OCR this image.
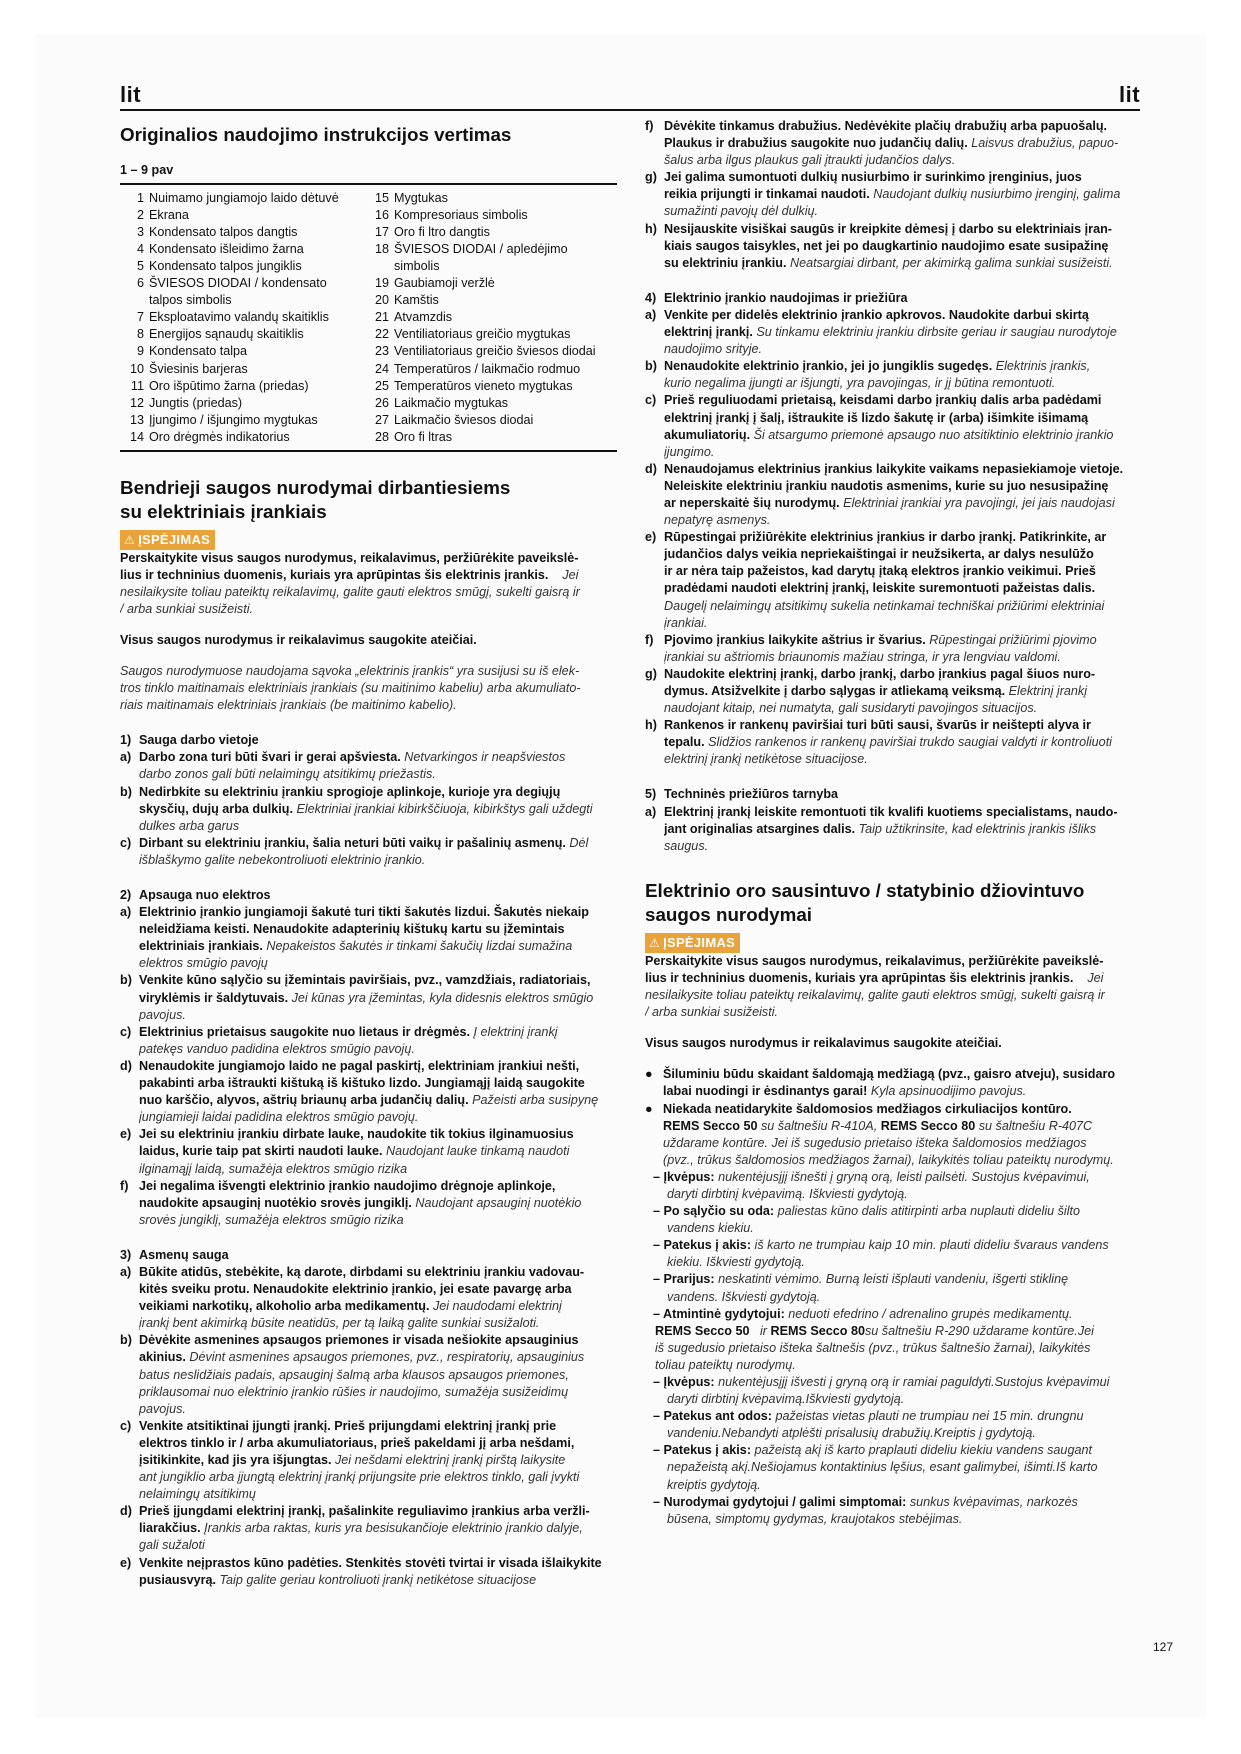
lit	lit
Originalios naudojimo instrukcijos vertimas
1 – 9 pav
1 Nuimamo jungiamojo laido dėtuvė
2 Ekrana
3 Kondensato talpos dangtis
4 Kondensato išleidimo žarna
5 Kondensato talpos jungiklis
6 ŠVIESOS DIODAI / kondensato
talpos simbolis
7 Eksploatavimo valandų skaitiklis
8 Energijos sąnaudų skaitiklis
9 Kondensato talpa
10 Šviesinis barjeras
11 Oro išpūtimo žarna (priedas)
12 Jungtis (priedas)
13 Įjungimo / išjungimo mygtukas
14 Oro drėgmės indikatorius
15 Mygtukas
16 Kompresoriaus simbolis
17 Oro fi ltro dangtis
18 ŠVIESOS DIODAI / apledėjimo
simbolis
19 Gaubiamoji veržlė
20 Kamštis
21 Atvamzdis
22 Ventiliatoriaus greičio mygtukas
23 Ventiliatoriaus greičio šviesos diodai
24 Temperatūros / laikmačio rodmuo
25 Temperatūros vieneto mygtukas
26 Laikmačio mygtukas
27 Laikmačio šviesos diodai
28 Oro fi ltras
Bendrieji saugos nurodymai dirbantiesiems
su elektriniais įrankiais
⚠ ĮSPĖJIMAS
Perskaitykite visus saugos nurodymus, reikalavimus, peržiūrėkite paveikslė-
lius ir techninius duomenis, kuriais yra aprūpintas šis elektrinis įrankis. Jei
nesilaikysite toliau pateiktų reikalavimų, galite gauti elektros smūgį, sukelti gaisrą ir
/ arba sunkiai susižeisti.
Visus saugos nurodymus ir reikalavimus saugokite ateičiai.
Saugos nurodymuose naudojama sąvoka „elektrinis įrankis“ yra susijusi su iš elek-
tros tinklo maitinamais elektriniais įrankiais (su maitinimo kabeliu) arba akumuliato-
riais maitinamais elektriniais įrankiais (be maitinimo kabelio).
1) Sauga darbo vietoje
a) Darbo zona turi būti švari ir gerai apšviesta. Netvarkingos ir neapšviestos
darbo zonos gali būti nelaimingų atsitikimų priežastis.
b) Nedirbkite su elektriniu įrankiu sprogioje aplinkoje, kurioje yra degiųjų
skysčių, dujų arba dulkių. Elektriniai įrankiai kibirkščiuoja, kibirkštys gali uždegti
dulkes arba garus
c) Dirbant su elektriniu įrankiu, šalia neturi būti vaikų ir pašalinių asmenų. Dėl
išblaškymo galite nebekontroliuoti elektrinio įrankio.
2) Apsauga nuo elektros
a) Elektrinio įrankio jungiamoji šakutė turi tikti šakutės lizdui. Šakutės niekaip
neleidžiama keisti. Nenaudokite adapterinių kištukų kartu su įžemintais
elektriniais įrankiais. Nepakeistos šakutės ir tinkami šakučių lizdai sumažina
elektros smūgio pavojų
b) Venkite kūno sąlyčio su įžemintais paviršiais, pvz., vamzdžiais, radiatoriais,
viryklėmis ir šaldytuvais. Jei kūnas yra įžemintas, kyla didesnis elektros smūgio
pavojus.
c) Elektrinius prietaisus saugokite nuo lietaus ir drėgmės. Į elektrinį įrankį
patekęs vanduo padidina elektros smūgio pavojų.
d) Nenaudokite jungiamojo laido ne pagal paskirtį, elektriniam įrankiui nešti,
pakabinti arba ištraukti kištuką iš kištuko lizdo. Jungiamąjį laidą saugokite
nuo karščio, alyvos, aštrių briaunų arba judančių dalių. Pažeisti arba susipynę
jungiamieji laidai padidina elektros smūgio pavojų.
e) Jei su elektriniu įrankiu dirbate lauke, naudokite tik tokius ilginamuosius
laidus, kurie taip pat skirti naudoti lauke. Naudojant lauke tinkamą naudoti
ilginamąjį laidą, sumažėja elektros smūgio rizika
f) Jei negalima išvengti elektrinio įrankio naudojimo drėgnoje aplinkoje,
naudokite apsauginį nuotėkio srovės jungiklį. Naudojant apsauginį nuotėkio
srovės jungiklį, sumažėja elektros smūgio rizika
3) Asmenų sauga
a) Būkite atidūs, stebėkite, ką darote, dirbdami su elektriniu įrankiu vadovau-
kitės sveiku protu. Nenaudokite elektrinio įrankio, jei esate pavargę arba
veikiami narkotikų, alkoholio arba medikamentų. Jei naudodami elektrinį
įrankį bent akimirką būsite neatidūs, per tą laiką galite sunkiai susižaloti.
b) Dėvėkite asmenines apsaugos priemones ir visada nešiokite apsauginius
akinius. Dėvint asmenines apsaugos priemones, pvz., respiratorių, apsauginius
batus neslidžiais padais, apsauginį šalmą arba klausos apsaugos priemones,
priklausomai nuo elektrinio įrankio rūšies ir naudojimo, sumažėja susižeidimų
pavojus.
c) Venkite atsitiktinai įjungti įrankį. Prieš prijungdami elektrinį įrankį prie
elektros tinklo ir / arba akumuliatoriaus, prieš pakeldami jį arba nešdami,
įsitikinkite, kad jis yra išjungtas. Jei nešdami elektrinį įrankį pirštą laikysite
ant jungiklio arba įjungtą elektrinį įrankį prijungsite prie elektros tinklo, gali įvykti
nelaimingų atsitikimų
d) Prieš įjungdami elektrinį įrankį, pašalinkite reguliavimo įrankius arba veržli-
liarakčius. Įrankis arba raktas, kuris yra besisukančioje elektrinio įrankio dalyje,
gali sužaloti
e) Venkite neįprastos kūno padėties. Stenkitės stovėti tvirtai ir visada išlaikykite
pusiausvyrą. Taip galite geriau kontroliuoti įrankį netikėtose situacijose
f) Dėvėkite tinkamus drabužius. Nedėvėkite plačių drabužių arba papuošalų.
Plaukus ir drabužius saugokite nuo judančių dalių. Laisvus drabužius, papuo-
šalus arba ilgus plaukus gali įtraukti judančios dalys.
g) Jei galima sumontuoti dulkių nusiurbimo ir surinkimo įrenginius, juos
reikia prijungti ir tinkamai naudoti. Naudojant dulkių nusiurbimo įrenginį, galima
sumažinti pavojų dėl dulkių.
h) Nesijauskite visiškai saugūs ir kreipkite dėmesį į darbo su elektriniais įran-
kiais saugos taisykles, net jei po daugkartinio naudojimo esate susipažinę
su elektriniu įrankiu. Neatsargiai dirbant, per akimirką galima sunkiai susižeisti.
4) Elektrinio įrankio naudojimas ir priežiūra
a) Venkite per didelės elektrinio įrankio apkrovos. Naudokite darbui skirtą
elektrinį įrankį. Su tinkamu elektriniu įrankiu dirbsite geriau ir saugiau nurodytoje
naudojimo srityje.
b) Nenaudokite elektrinio įrankio, jei jo jungiklis sugedęs. Elektrinis įrankis,
kurio negalima įjungti ar išjungti, yra pavojingas, ir jį būtina remontuoti.
c) Prieš reguliuodami prietaisą, keisdami darbo įrankių dalis arba padėdami
elektrinį įrankį į šalį, ištraukite iš lizdo šakutę ir (arba) išimkite išimamą
akumuliatorių. Ši atsargumo priemonė apsaugo nuo atsitiktinio elektrinio įrankio
įjungimo.
d) Nenaudojamus elektrinius įrankius laikykite vaikams nepasiekiamoje vietoje.
Neleiskite elektriniu įrankiu naudotis asmenims, kurie su juo nesusipažinę
ar neperskaitė šių nurodymų. Elektriniai įrankiai yra pavojingi, jei jais naudojasi
nepatyrę asmenys.
e) Rūpestingai prižiūrėkite elektrinius įrankius ir darbo įrankį. Patikrinkite, ar
judančios dalys veikia nepriekaištingai ir neužsikerta, ar dalys nesulūžo
ir ar nėra taip pažeistos, kad darytų įtaką elektros įrankio veikimui. Prieš
pradėdami naudoti elektrinį įrankį, leiskite suremontuoti pažeistas dalis.
Daugelį nelaimingų atsitikimų sukelia netinkamai techniškai prižiūrimi elektriniai
įrankiai.
f) Pjovimo įrankius laikykite aštrius ir švarius. Rūpestingai prižiūrimi pjovimo
įrankiai su aštriomis briaunomis mažiau stringa, ir yra lengviau valdomi.
g) Naudokite elektrinį įrankį, darbo įrankį, darbo įrankius pagal šiuos nuro-
dymus. Atsižvelkite į darbo sąlygas ir atliekamą veiksmą. Elektrinį įrankį
naudojant kitaip, nei numatyta, gali susidaryti pavojingos situacijos.
h) Rankenos ir rankenų paviršiai turi būti sausi, švarūs ir neištepti alyva ir
tepalu. Slidžios rankenos ir rankenų paviršiai trukdo saugiai valdyti ir kontroliuoti
elektrinį įrankį netikėtose situacijose.
5) Techninės priežiūros tarnyba
a) Elektrinį įrankį leiskite remontuoti tik kvalifi kuotiems specialistams, naudo-
jant originalias atsargines dalis. Taip užtikrinsite, kad elektrinis įrankis išliks
saugus.
Elektrinio oro sausintuvo / statybinio džiovintuvo
saugos nurodymai
⚠ ĮSPĖJIMAS
Perskaitykite visus saugos nurodymus, reikalavimus, peržiūrėkite paveikslė-
lius ir techninius duomenis, kuriais yra aprūpintas šis elektrinis įrankis. Jei
nesilaikysite toliau pateiktų reikalavimų, galite gauti elektros smūgį, sukelti gaisrą ir
/ arba sunkiai susižeisti.
Visus saugos nurodymus ir reikalavimus saugokite ateičiai.
● Šiluminiu būdu skaidant šaldomąją medžiagą (pvz., gaisro atveju), susidaro
labai nuodingi ir ėsdinantys garai! Kyla apsinuodijimo pavojus.
● Niekada neatidarykite šaldomosios medžiagos cirkuliacijos kontūro.
REMS Secco 50 su šaltnešiu R-410A, REMS Secco 80 su šaltnešiu R-407C
uždarame kontūre. Jei iš sugedusio prietaiso išteka šaldomosios medžiagos
(pvz., trūkus šaldomosios medžiagos žarnai), laikykitės toliau pateiktų nurodymų.
– Įkvėpus: nukentėjusįjį išnešti į gryną orą, leisti pailsėti. Sustojus kvėpavimui,
daryti dirbtinį kvėpavimą. Iškviesti gydytoją.
– Po sąlyčio su oda: paliestas kūno dalis atitirpinti arba nuplauti dideliu šilto
vandens kiekiu.
– Patekus į akis: iš karto ne trumpiau kaip 10 min. plauti dideliu švaraus vandens
kiekiu. Iškviesti gydytoją.
– Prarijus: neskatinti vėmimo. Burną leisti išplauti vandeniu, išgerti stiklinę
vandens. Iškviesti gydytoją.
– Atmintinė gydytojui: neduoti efedrino / adrenalino grupės medikamentų.
REMS Secco 50 ir REMS Secco 80su šaltnešiu R-290 uždarame kontūre.Jei
iš sugedusio prietaiso išteka šaltnešis (pvz., trūkus šaltnešio žarnai), laikykitės
toliau pateiktų nurodymų.
– Įkvėpus: nukentėjusįjį išvesti į gryną orą ir ramiai paguldyti.Sustojus kvėpavimui
daryti dirbtinį kvėpavimą.Iškviesti gydytoją.
– Patekus ant odos: pažeistas vietas plauti ne trumpiau nei 15 min. drungnu
vandeniu.Nebandyti atplėšti prisalusių drabužių.Kreiptis į gydytoją.
– Patekus į akis: pažeistą akį iš karto praplauti dideliu kiekiu vandens saugant
nepažeistą akį.Nešiojamus kontaktinius lęšius, esant galimybei, išimti.Iš karto
kreiptis gydytoją.
– Nurodymai gydytojui / galimi simptomai: sunkus kvėpavimas, narkozės
būsena, simptomų gydymas, kraujotakos stebėjimas.
127
